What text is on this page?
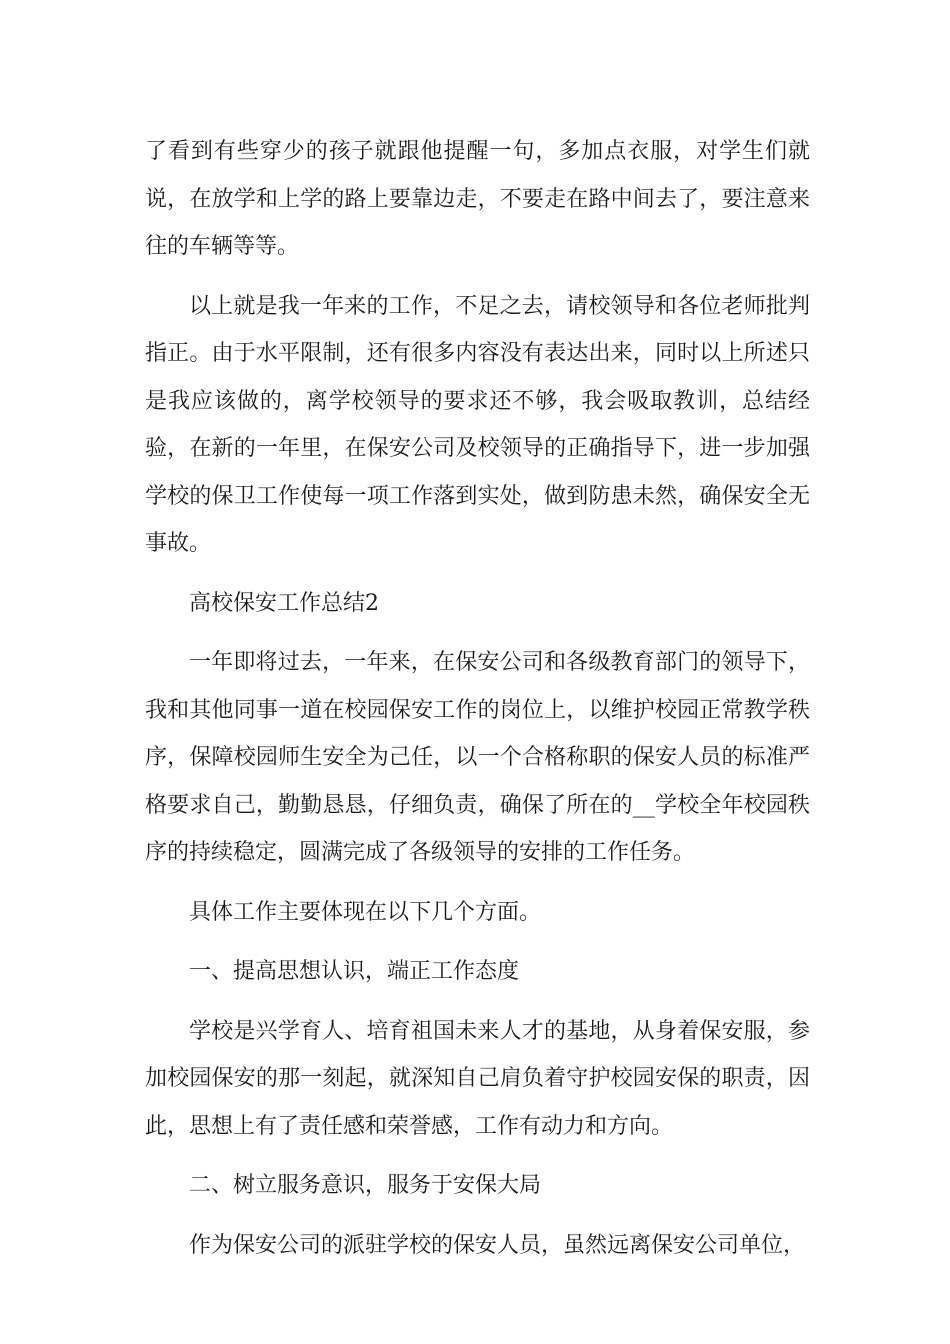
了看到有些穿少的孩子就跟他提醒一句，多加点衣服，对学生们就说，在放学和上学的路上要靠边走，不要走在路中间去了，要注意来往的车辆等等。

以上就是我一年来的工作，不足之去，请校领导和各位老师批判指正。由于水平限制，还有很多内容没有表达出来，同时以上所述只是我应该做的，离学校领导的要求还不够，我会吸取教训，总结经验，在新的一年里，在保安公司及校领导的正确指导下，进一步加强学校的保卫工作使每一项工作落到实处，做到防患未然，确保安全无事故。

高校保安工作总结2

一年即将过去，一年来，在保安公司和各级教育部门的领导下，我和其他同事一道在校园保安工作的岗位上，以维护校园正常教学秩序，保障校园师生安全为己任，以一个合格称职的保安人员的标准严格要求自己，勤勤恳恳，仔细负责，确保了所在的__学校全年校园秩序的持续稳定，圆满完成了各级领导的安排的工作任务。

具体工作主要体现在以下几个方面。

一、提高思想认识，端正工作态度

学校是兴学育人、培育祖国未来人才的基地，从身着保安服，参加校园保安的那一刻起，就深知自己肩负着守护校园安保的职责，因此，思想上有了责任感和荣誉感，工作有动力和方向。

二、树立服务意识，服务于安保大局

作为保安公司的派驻学校的保安人员，虽然远离保安公司单位，
